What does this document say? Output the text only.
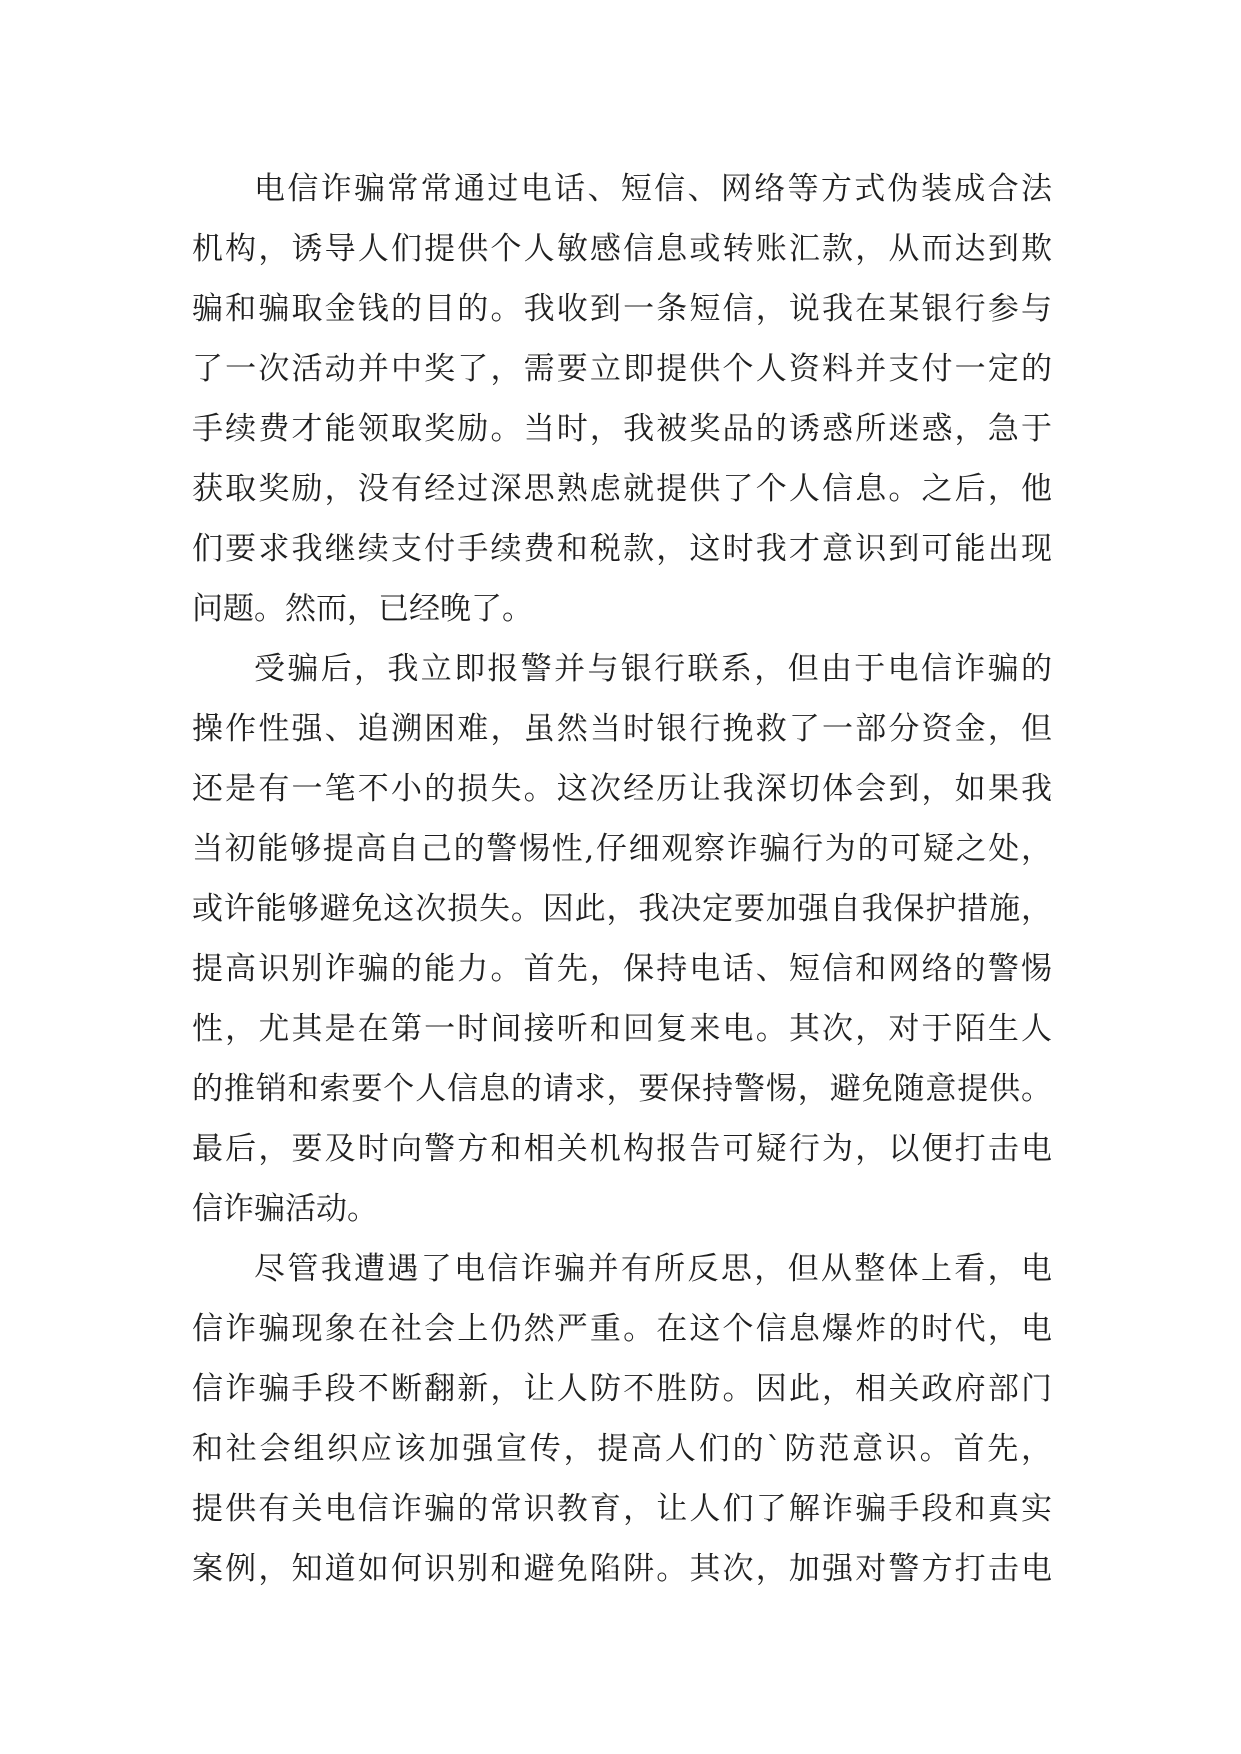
电信诈骗常常通过电话、短信、网络等方式伪装成合法
机构，诱导人们提供个人敏感信息或转账汇款，从而达到欺
骗和骗取金钱的目的。我收到一条短信，说我在某银行参与
了一次活动并中奖了，需要立即提供个人资料并支付一定的
手续费才能领取奖励。当时，我被奖品的诱惑所迷惑，急于
获取奖励，没有经过深思熟虑就提供了个人信息。之后，他
们要求我继续支付手续费和税款，这时我才意识到可能出现
问题。然而，已经晚了。
受骗后，我立即报警并与银行联系，但由于电信诈骗的
操作性强、追溯困难，虽然当时银行挽救了一部分资金，但
还是有一笔不小的损失。这次经历让我深切体会到，如果我
当初能够提高自己的警惕性,仔细观察诈骗行为的可疑之处，
或许能够避免这次损失。因此，我决定要加强自我保护措施，
提高识别诈骗的能力。首先，保持电话、短信和网络的警惕
性，尤其是在第一时间接听和回复来电。其次，对于陌生人
的推销和索要个人信息的请求，要保持警惕，避免随意提供。
最后，要及时向警方和相关机构报告可疑行为，以便打击电
信诈骗活动。
尽管我遭遇了电信诈骗并有所反思，但从整体上看，电
信诈骗现象在社会上仍然严重。在这个信息爆炸的时代，电
信诈骗手段不断翻新，让人防不胜防。因此，相关政府部门
和社会组织应该加强宣传，提高人们的`防范意识。首先，
提供有关电信诈骗的常识教育，让人们了解诈骗手段和真实
案例，知道如何识别和避免陷阱。其次，加强对警方打击电
